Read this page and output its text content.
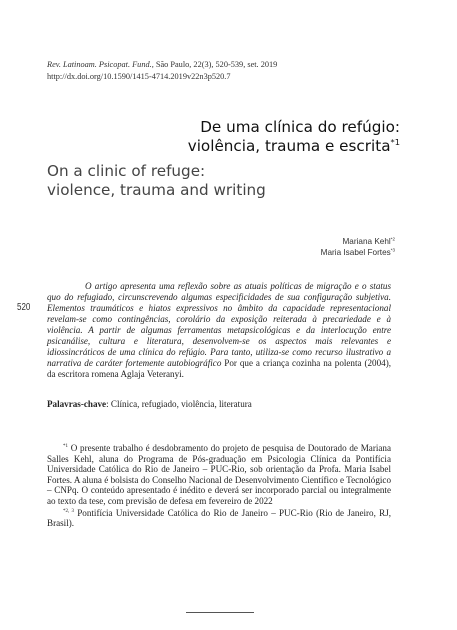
Rev. Latinoam. Psicopat. Fund., São Paulo, 22(3), 520-539, set. 2019
http://dx.doi.org/10.1590/1415-4714.2019v22n3p520.7
De uma clínica do refúgio:
violência, trauma e escrita$^{*1}$
On a clinic of refuge:
violence, trauma and writing
Mariana Kehl$^{*2}$
Maria Isabel Fortes$^{*3}$
520

O artigo apresenta uma reflexão sobre as atuais políticas de migração e o status quo do refugiado, circunscrevendo algumas especificidades de sua configuração subjetiva. Elementos traumáticos e hiatos expressivos no âmbito da capacidade representacional revelam-se como contingências, corolário da exposição reiterada à precariedade e à violência. A partir de algumas ferramentas metapsicológicas e da interlocução entre psicanálise, cultura e literatura, desenvolvem-se os aspectos mais relevantes e idiossincráticos de uma clínica do refúgio. Para tanto, utiliza-se como recurso ilustrativo a narrativa de caráter fortemente autobiográfico Por que a criança cozinha na polenta (2004), da escritora romena Aglaja Veteranyi.

Palavras-chave: Clínica, refugiado, violência, literatura

$^{*1}$ O presente trabalho é desdobramento do projeto de pesquisa de Doutorado de Mariana Salles Kehl, aluna do Programa de Pós-graduação em Psicologia Clínica da Pontifícia Universidade Católica do Rio de Janeiro – PUC-Rio, sob orientação da Profa. Maria Isabel Fortes. A aluna é bolsista do Conselho Nacional de Desenvolvimento Científico e Tecnológico – CNPq. O conteúdo apresentado é inédito e deverá ser incorporado parcial ou integralmente ao texto da tese, com previsão de defesa em fevereiro de 2022

$^{*2, 3}$ Pontifícia Universidade Católica do Rio de Janeiro – PUC-Rio (Rio de Janeiro, RJ, Brasil).
